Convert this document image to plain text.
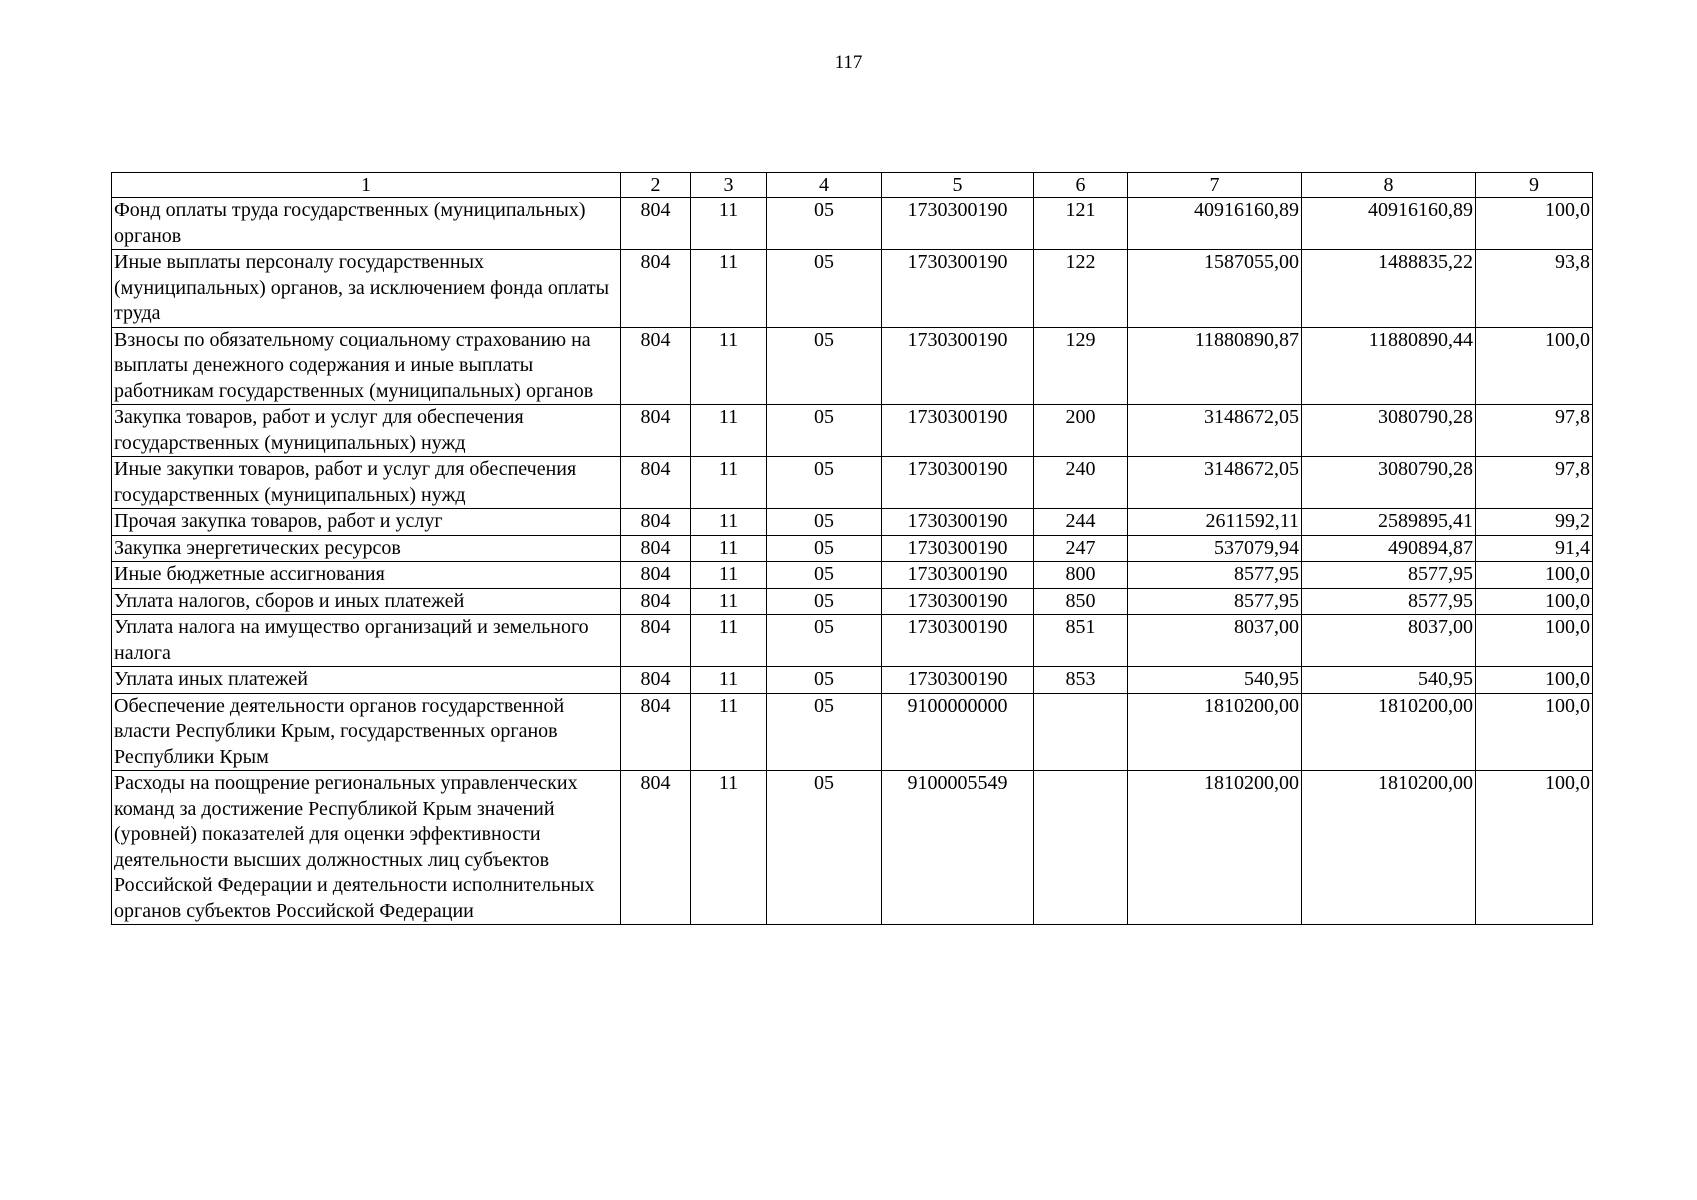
117
1	2	3	4	5	6	7	8	9
Фонд оплаты труда государственных (муниципальных) органов	804	11	05	1730300190	121	40916160,89	40916160,89	100,0
Иные выплаты персоналу государственных (муниципальных) органов, за исключением фонда оплаты труда	804	11	05	1730300190	122	1587055,00	1488835,22	93,8
Взносы по обязательному социальному страхованию на выплаты денежного содержания и иные выплаты работникам государственных (муниципальных) органов	804	11	05	1730300190	129	11880890,87	11880890,44	100,0
Закупка товаров, работ и услуг для обеспечения государственных (муниципальных) нужд	804	11	05	1730300190	200	3148672,05	3080790,28	97,8
Иные закупки товаров, работ и услуг для обеспечения государственных (муниципальных) нужд	804	11	05	1730300190	240	3148672,05	3080790,28	97,8
Прочая закупка товаров, работ и услуг	804	11	05	1730300190	244	2611592,11	2589895,41	99,2
Закупка энергетических ресурсов	804	11	05	1730300190	247	537079,94	490894,87	91,4
Иные бюджетные ассигнования	804	11	05	1730300190	800	8577,95	8577,95	100,0
Уплата налогов, сборов и иных платежей	804	11	05	1730300190	850	8577,95	8577,95	100,0
Уплата налога на имущество организаций и земельного налога	804	11	05	1730300190	851	8037,00	8037,00	100,0
Уплата иных платежей	804	11	05	1730300190	853	540,95	540,95	100,0
Обеспечение деятельности органов государственной власти Республики Крым, государственных органов Республики Крым	804	11	05	9100000000		1810200,00	1810200,00	100,0
Расходы на поощрение региональных управленческих команд за достижение Республикой Крым значений (уровней) показателей для оценки эффективности деятельности высших должностных лиц субъектов Российской Федерации и деятельности исполнительных органов субъектов Российской Федерации	804	11	05	9100005549		1810200,00	1810200,00	100,0
